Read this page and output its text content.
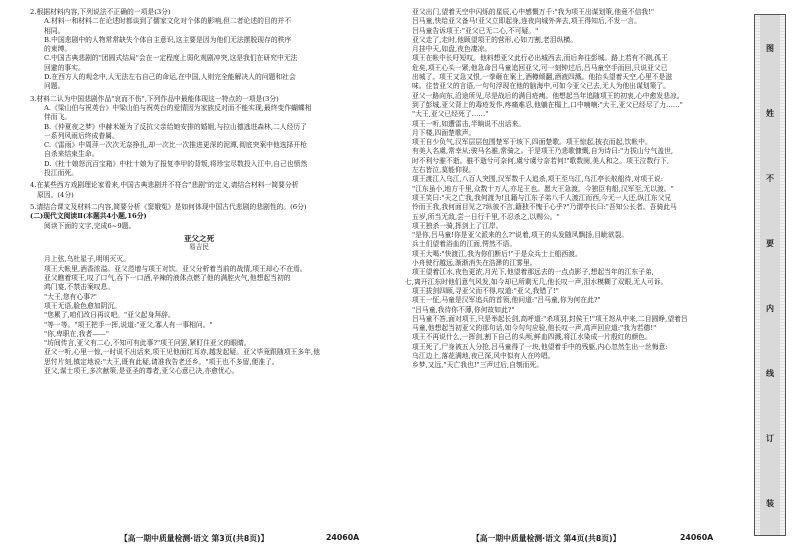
2.根据材料内容,下列说法不正确的一项是(3分)
A.材料一和材料二在论述时都谈到了儒家文化对个体的影响,但二者论述的目的并不
相同。
B.中国悲剧中的人物常常缺失个体自主意识,这主要是因为他们无法摆脱现存的秩序
的束缚。
C.中国古典悲剧的"团圆式结局"会在一定程度上弱化观剧冲突,这是我们在研究中无法
回避的事实。
D.在西方人的观念中,人无法左右自己的命运,在中国,人则完全能解决人的问题和社会
问题。
3.材料二认为中国悲剧作品"哀而不伤",下列作品中最能体现这一特点的一项是(3分)
A.《梁山伯与祝英台》中梁山伯与祝英台的爱情因为家族反对而不能实现,最终变作蝴蝶相
伴而飞。
B.《仲夏夜之梦》中赫米娅为了反抗父亲给她安排的婚姻,与拉山德逃进森林,二人经历了
一系列风雨后终成眷属。
C.《雷雨》中周萍一次次无奈挣扎,却一次比一次推进更深的泥潭,彻底突案中他选择开枪
自杀来结束生命。
D.《杜十娘怒沉百宝箱》中杜十娘为了报复李甲的背叛,将珍宝尽数投入江中,自己也愤然
投江而死。
4.在某些西方戏剧理论家看来,中国古典悲剧并不符合"悲剧"的定义,请结合材料一简要分析
原因。(4分)
5.请结合课文及材料二内容,简要分析《窦娥冤》是如何体现中国古代悲剧的悲剧性的。(6分)
(二)现代文阅读Ⅱ(本题共4小题,16分)
阅读下面的文字,完成6~9题。
亚父之死
易吉民
月上弦,乌杜星子,明明灭灭。
项王大帐里,酒香浓溢。亚父范增与项王对饮。亚父分析着当前的战情,项王却心不在焉。
亚父瞧着项王,叹了口气,吞下一口酒,辛辣的液体点燃了他的满腔火气,他想起当初的
鸿门宴,不禁击案叹息。
"大王,您有心事?"
项王无语,脸色愈加阴沉。
"您累了,咱们改日再议吧。"亚父起身拜辞。
"等一等。"项王把手一挥,说道:"亚父,寡人有一事相问。"
"你,卑职在,我者——"
"坊间传言,亚父有二心,不知可有此事?"项王问罢,紧盯住亚父的眼睛。
亚父一听,心里一惊,一时说不出话来,项王见他面红耳赤,越发起疑。亚父毕竟跟随项王多年,他
思忖片刻,镇定地说:"大王,既有此疑,请准我告老还乡。"项王也不多留,便准了。
亚父,谋士项王,多次献策,是亚圣的尊者,亚父心意已决,亦愈忧心。
亚父出门,望着天空中闪烁的星辰,心中感慨万千:"我为项王出谋划策,他竟不信我!"
吕马童,快给亚父备马!亚父立即起身,连夜向城外奔去,项王得知后,不发一言。
吕马童告诉项王:"亚父已无二心,不可疑。"
亚父走了,走时,他顾望项王的营形,心如刀割,老泪纵横。
月挂中天,如盘,夜色凄凉。
项王在帐中长吁短叹。他料想亚父此行必出城西去,而后奔往彭城。路上若有不测,孤王
危矣,项王心头一紧,他急命吕马童追回亚父,可一刻钟过后,吕马童空手而回,只说亚父已
出城了。项王又急又恨,一拳砸在案上,酒樽倾翻,酒液四溅。他抬头望着天空,心里不是滋
味。往昔亚父的言语,一句句浮现在他的脑海中,可如今亚父已去,无人为他出谋划策了。
亚父一路向东,沿途所见,尽是战后的满目疮痍。他想起当年追随项王的初衷,心中愈发悲凉。
到了彭城,亚父背上的毒疮发作,疼痛难忍,他躺在榻上,口中喃喃:"大王,亚父已经尽了力……"
"大王,亚父已经死了……"
项王一听,如遭雷击,半晌说不出话来。
月下楼,四面楚歌声。
项王自少负气,汉军层层包围楚军于垓下,四面楚歌。项王惊起,披衣而起,饮帐中。
有美人名虞,常幸从;骏马名骓,常骑之。于是项王乃悲歌慷慨,自为诗曰:"力拔山兮气盖世,
时不利兮骓不逝。骓不逝兮可奈何,虞兮虞兮奈若何!"歌数阕,美人和之。项王泣数行下,
左右皆泣,莫能仰视。
项王渡江入乌江,八百人突围,汉军数千人追杀,项王至乌江,乌江亭长舣船待,对项王说:
"江东虽小,地方千里,众数十万人,亦足王也。愿大王急渡。今独臣有船,汉军至,无以渡。"
项王笑曰:"天之亡我,我何渡为!且籍与江东子弟八千人渡江而西,今无一人还,纵江东父兄
怜而王我,我何面目见之?纵彼不言,籍独不愧于心乎?"乃谓亭长曰:"吾知公长者。吾骑此马
五岁,所当无敌,尝一日行千里,不忍杀之,以赐公。"
项王独杀一骑,挥剑上了江岸。
"是你,吕马童!你是亚父派来的么?"说着,项王的头发随风飘扬,目眦欲裂。
兵士们望着浴血的江面,愕然不语。
项王大喝:"快渡江,我为你们断后!"于是众兵士上船西渡。
小舟驶行越远,渐渐消失在浩渺的江雾里。
项王望着江水,夜色更浓,月光下,他望着那远去的一点点影子,想起当年的江东子弟,
七,离开江东时他们意气风发,如今却已所剩无几,他长叹一声,泪水模糊了双眼,无人可诉。
项王拔剑四顾,寻亚父而不得,叹道:"亚父,我错了!"
项王一怔,马童是汉军追兵的首领,他问道:"吕马童,你为何在此?"
"吕马童,我待你不薄,你何故如此?"
吕马童不答,面对项王,只是举起长剑,高呼道:"杀项羽,封侯王!"项王怒从中来,二目圆睁,望着吕
马童,他想起当初亚父的那句话,如今句句应验,他长叹一声,高声回应道:"我为若德!"
项王不再说什么,一挥剑,割下自己的头颅,鲜血四溅,将江水染成一片殷红的颜色。
项王死了,尸身被五人分抢,吕马童得了一块,他望着手中的残躯,内心忽然生出一丝悔意:
乌江边上,落花满地,夜已深,风中似有人在吟唱。
乡梦,又远,"天亡我也!"三声过后,自刎而死。
【高一期中质量检测·语文 第3页(共8页)】	24060A	【高一期中质量检测·语文 第4页(共8页)】	24060A
图
姓
不
要
内
线
订
装
